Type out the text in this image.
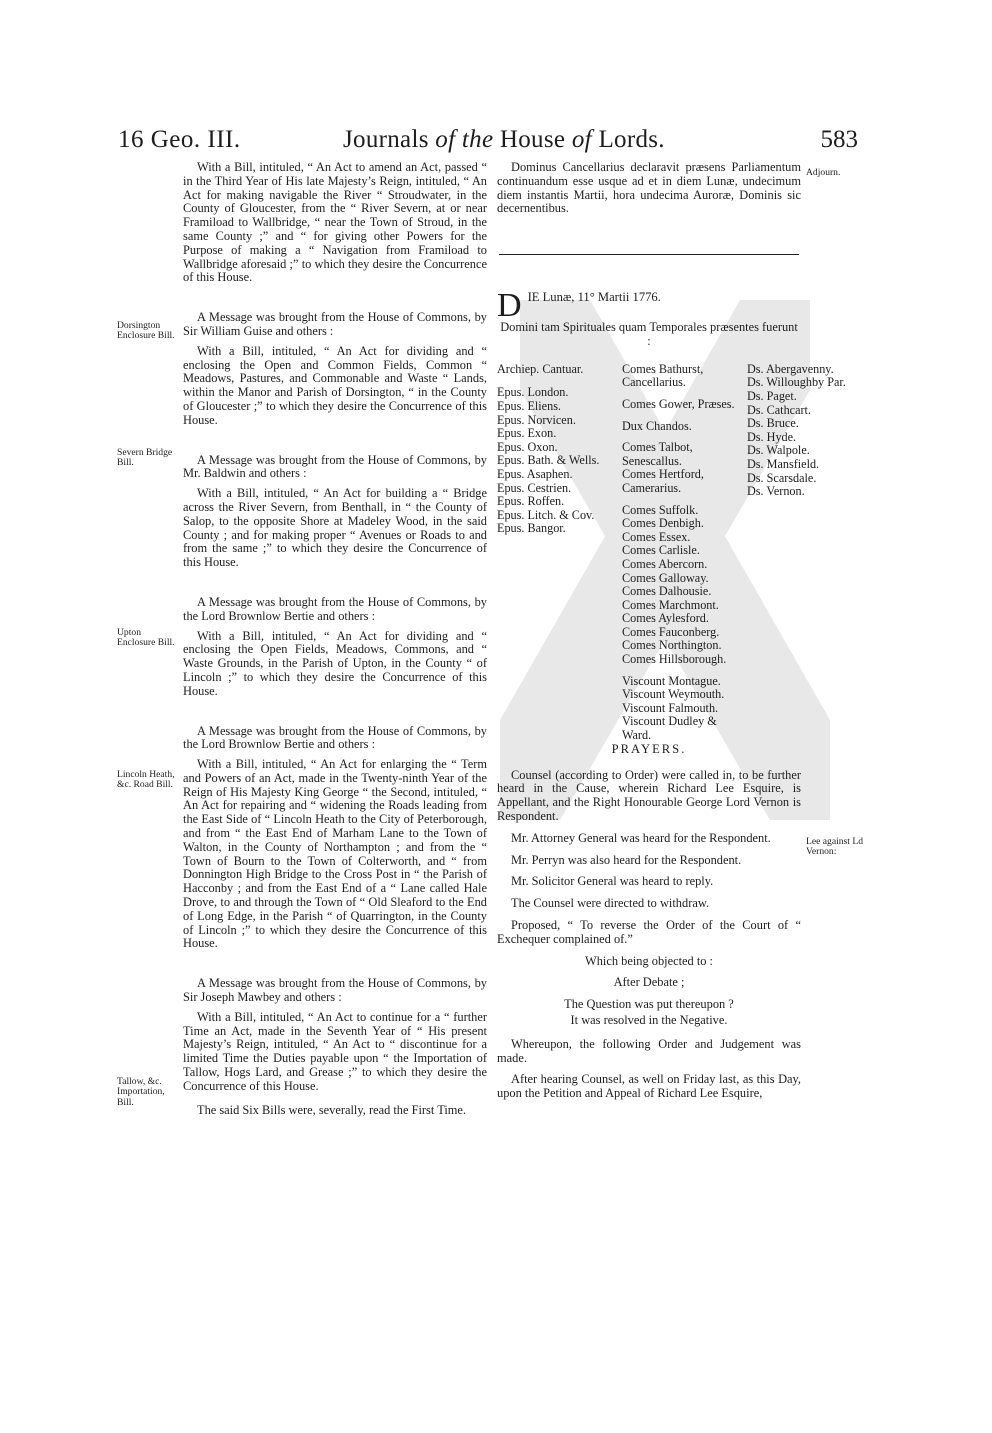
16 Geo. III.	Journals of the House of Lords.	583
Dorsington Enclosure Bill.
Severn Bridge Bill.
Upton Enclosure Bill.
Lincoln Heath, &c. Road Bill.
Tallow, &c. Importation, Bill.
Adjourn.
Lee against Ld Vernon:

With a Bill, intituled, “ An Act to amend an Act, passed “ in the Third Year of His late Majesty’s Reign, intituled, “ An Act for making navigable the River “ Stroudwater, in the County of Gloucester, from the “ River Severn, at or near Framiload to Wallbridge, “ near the Town of Stroud, in the same County ;” and “ for giving other Powers for the Purpose of making a “ Navigation from Framiload to Wallbridge aforesaid ;” to which they desire the Concurrence of this House.

A Message was brought from the House of Commons, by Sir William Guise and others :

With a Bill, intituled, “ An Act for dividing and “ enclosing the Open and Common Fields, Common “ Meadows, Pastures, and Commonable and Waste “ Lands, within the Manor and Parish of Dorsington, “ in the County of Gloucester ;” to which they desire the Concurrence of this House.

A Message was brought from the House of Commons, by Mr. Baldwin and others :

With a Bill, intituled, “ An Act for building a “ Bridge across the River Severn, from Benthall, in “ the County of Salop, to the opposite Shore at Madeley Wood, in the said County ; and for making proper “ Avenues or Roads to and from the same ;” to which they desire the Concurrence of this House.

A Message was brought from the House of Commons, by the Lord Brownlow Bertie and others :

With a Bill, intituled, “ An Act for dividing and “ enclosing the Open Fields, Meadows, Commons, and “ Waste Grounds, in the Parish of Upton, in the County “ of Lincoln ;” to which they desire the Concurrence of this House.

A Message was brought from the House of Commons, by the Lord Brownlow Bertie and others :

With a Bill, intituled, “ An Act for enlarging the “ Term and Powers of an Act, made in the Twenty-ninth Year of the Reign of His Majesty King George “ the Second, intituled, “ An Act for repairing and “ widening the Roads leading from the East Side of “ Lincoln Heath to the City of Peterborough, and from “ the East End of Marham Lane to the Town of Walton, in the County of Northampton ; and from the “ Town of Bourn to the Town of Colterworth, and “ from Donnington High Bridge to the Cross Post in “ the Parish of Hacconby ; and from the East End of a “ Lane called Hale Drove, to and through the Town of “ Old Sleaford to the End of Long Edge, in the Parish “ of Quarrington, in the County of Lincoln ;” to which they desire the Concurrence of this House.

A Message was brought from the House of Commons, by Sir Joseph Mawbey and others :

With a Bill, intituled, “ An Act to continue for a “ further Time an Act, made in the Seventh Year of “ His present Majesty’s Reign, intituled, “ An Act to “ discontinue for a limited Time the Duties payable upon “ the Importation of Tallow, Hogs Lard, and Grease ;” to which they desire the Concurrence of this House.

The said Six Bills were, severally, read the First Time.

Dominus Cancellarius declaravit præsens Parliamentum continuandum esse usque ad et in diem Lunæ, undecimum diem instantis Martii, hora undecima Auroræ, Dominis sic decernentibus.

D IE Lunæ, 11° Martii 1776.

Domini tam Spirituales quam Temporales præsentes fuerunt :

Archiep. Cantuar.
Epus. London.
Epus. Eliens.
Epus. Norvicen.
Epus. Exon.
Epus. Oxon.
Epus. Bath. & Wells.
Epus. Asaphen.
Epus. Cestrien.
Epus. Roffen.
Epus. Litch. & Cov.
Epus. Bangor.
Comes Bathurst, Cancellarius.
Comes Gower, Præses.
Dux Chandos.
Comes Talbot, Senescallus.
Comes Hertford, Camerarius.
Comes Suffolk.
Comes Denbigh.
Comes Essex.
Comes Carlisle.
Comes Abercorn.
Comes Galloway.
Comes Dalhousie.
Comes Marchmont.
Comes Aylesford.
Comes Fauconberg.
Comes Northington.
Comes Hillsborough.
Viscount Montague.
Viscount Weymouth.
Viscount Falmouth.
Viscount Dudley & Ward.
Ds. Abergavenny.
Ds. Willoughby Par.
Ds. Paget.
Ds. Cathcart.
Ds. Bruce.
Ds. Hyde.
Ds. Walpole.
Ds. Mansfield.
Ds. Scarsdale.
Ds. Vernon.

PRAYERS.

Counsel (according to Order) were called in, to be further heard in the Cause, wherein Richard Lee Esquire, is Appellant, and the Right Honourable George Lord Vernon is Respondent.

Mr. Attorney General was heard for the Respondent.

Mr. Perryn was also heard for the Respondent.

Mr. Solicitor General was heard to reply.

The Counsel were directed to withdraw.

Proposed, “ To reverse the Order of the Court of “ Exchequer complained of.”

Which being objected to :

After Debate ;

The Question was put thereupon ?

It was resolved in the Negative.

Whereupon, the following Order and Judgement was made.

After hearing Counsel, as well on Friday last, as this Day, upon the Petition and Appeal of Richard Lee Esquire,
